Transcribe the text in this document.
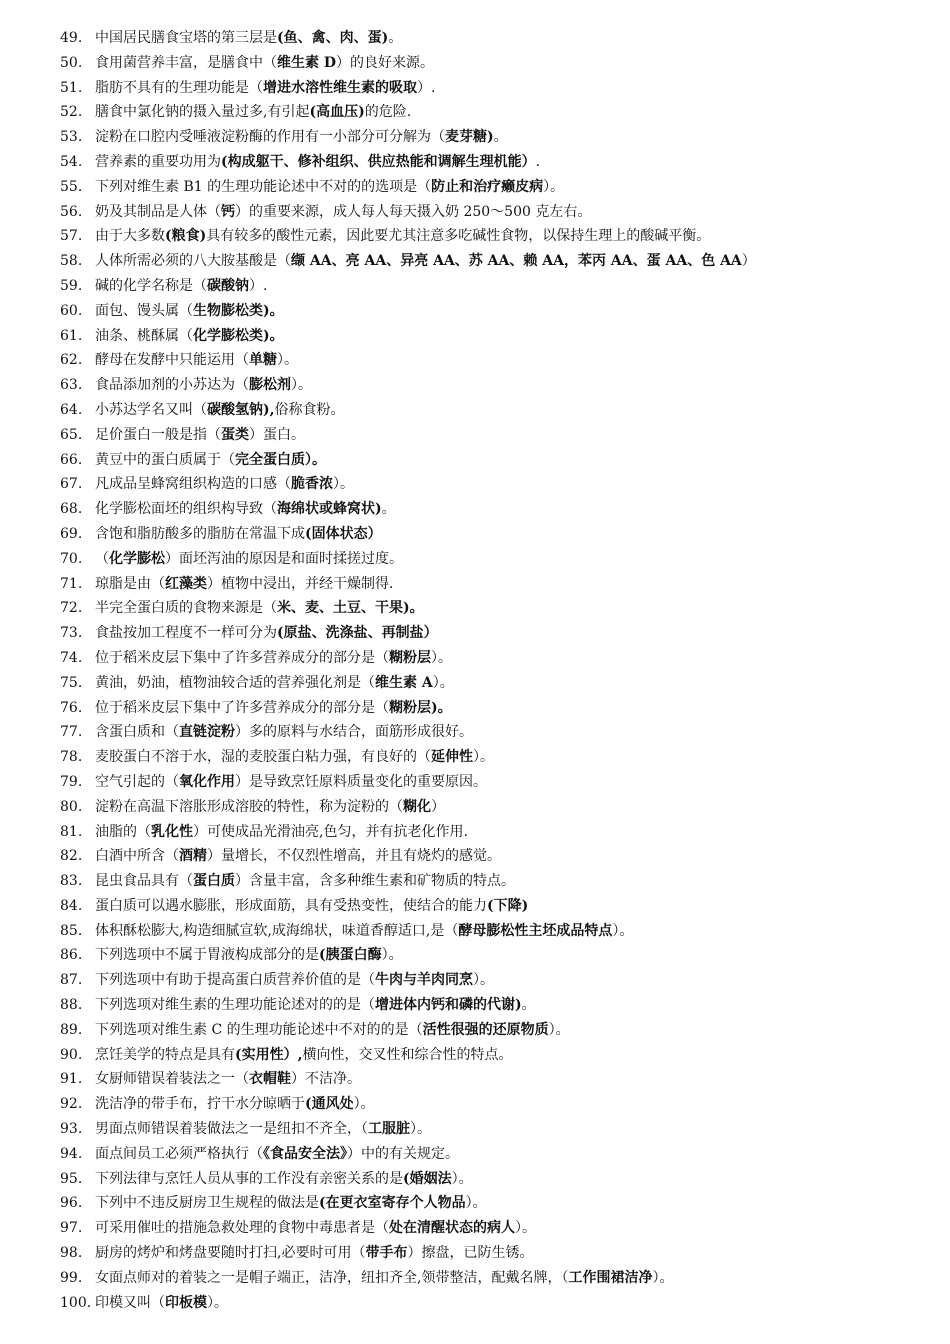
49. 中国居民膳食宝塔的第三层是(鱼、禽、肉、蛋)。
50. 食用菌营养丰富，是膳食中（维生素 D）的良好来源。
51. 脂肪不具有的生理功能是（增进水溶性维生素的吸取）.
52. 膳食中氯化钠的摄入量过多,有引起(高血压)的危险.
53. 淀粉在口腔内受唾液淀粉酶的作用有一小部分可分解为（麦芽糖)。
54. 营养素的重要功用为(构成躯干、修补组织、供应热能和调解生理机能）.
55. 下列对维生素 B1 的生理功能论述中不对的的选项是（防止和治疗癞皮病）。
56. 奶及其制品是人体（钙）的重要来源，成人每人每天摄入奶 250～500 克左右。
57. 由于大多数(粮食)具有较多的酸性元素，因此要尤其注意多吃碱性食物，以保持生理上的酸碱平衡。
58. 人体所需必须的八大胺基酸是（缬 AA、亮 AA、异亮 AA、苏 AA、赖 AA，苯丙 AA、蛋 AA、色 AA）
59. 碱的化学名称是（碳酸钠）.
60. 面包、馒头属（生物膨松类)。
61. 油条、桃酥属（化学膨松类)。
62. 酵母在发酵中只能运用（单糖）。
63. 食品添加剂的小苏达为（膨松剂）。
64. 小苏达学名又叫（碳酸氢钠),俗称食粉。
65. 足价蛋白一般是指（蛋类）蛋白。
66. 黄豆中的蛋白质属于（完全蛋白质）。
67. 凡成品呈蜂窝组织构造的口感（脆香浓）。
68. 化学膨松面坯的组织构导致（海绵状或蜂窝状)。
69. 含饱和脂肪酸多的脂肪在常温下成(固体状态）
70. （化学膨松）面坯泻油的原因是和面时揉搓过度。
71. 琼脂是由（红藻类）植物中浸出，并经干燥制得.
72. 半完全蛋白质的食物来源是（米、麦、土豆、干果)。
73. 食盐按加工程度不一样可分为(原盐、洗涤盐、再制盐）
74. 位于稻米皮层下集中了许多营养成分的部分是（糊粉层）。
75. 黄油，奶油，植物油较合适的营养强化剂是（维生素 A）。
76. 位于稻米皮层下集中了许多营养成分的部分是（糊粉层)。
77. 含蛋白质和（直链淀粉）多的原料与水结合，面筋形成很好。
78. 麦胶蛋白不溶于水，湿的麦胶蛋白粘力强，有良好的（延伸性）。
79. 空气引起的（氧化作用）是导致烹饪原料质量变化的重要原因。
80. 淀粉在高温下溶胀形成溶胶的特性，称为淀粉的（糊化）
81. 油脂的（乳化性）可使成品光滑油亮,色匀，并有抗老化作用.
82. 白酒中所含（酒精）量增长，不仅烈性增高，并且有烧灼的感觉。
83. 昆虫食品具有（蛋白质）含量丰富，含多种维生素和矿物质的特点。
84. 蛋白质可以遇水膨胀，形成面筋，具有受热变性，使结合的能力(下降)
85. 体积酥松膨大,构造细腻宣软,成海绵状，味道香醇适口,是（酵母膨松性主坯成品特点）。
86. 下列选项中不属于胃液构成部分的是(胰蛋白酶）。
87. 下列选项中有助于提高蛋白质营养价值的是（牛肉与羊肉同烹）。
88. 下列选项对维生素的生理功能论述对的的是（增进体内钙和磷的代谢)。
89. 下列选项对维生素 C 的生理功能论述中不对的的是（活性很强的还原物质）。
90. 烹饪美学的特点是具有(实用性）,横向性，交叉性和综合性的特点。
91. 女厨师错误着装法之一（衣帽鞋）不洁净。
92. 洗洁净的带手布，拧干水分晾晒于(通风处）。
93. 男面点师错误着装做法之一是纽扣不齐全，（工服脏）。
94. 面点间员工必须严格执行（《食品安全法》）中的有关规定。
95. 下列法律与烹饪人员从事的工作没有亲密关系的是(婚姻法）。
96. 下列中不违反厨房卫生规程的做法是(在更衣室寄存个人物品）。
97. 可采用催吐的措施急救处理的食物中毒患者是（处在清醒状态的病人）。
98. 厨房的烤炉和烤盘要随时打扫,必要时可用（带手布）擦盘，已防生锈。
99. 女面点师对的着装之一是帽子端正，洁净，纽扣齐全,领带整洁，配戴名牌，（工作围裙洁净）。
100. 印模又叫（印板模）。
